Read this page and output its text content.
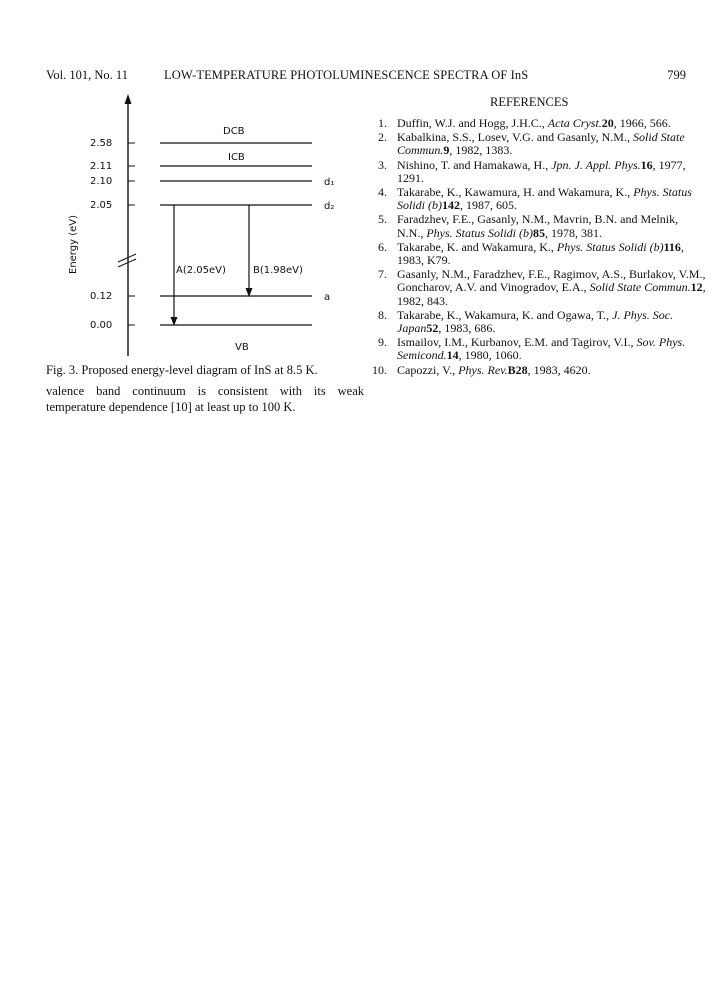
Vol. 101, No. 11	LOW-TEMPERATURE PHOTOLUMINESCENCE SPECTRA OF InS	799
2.58
2.11
2.10
2.05
0.12
0.00
Energy (eV)
DCB
ICB
d₁
d₂
a
VB
A(2.05eV)	B(1.98eV)
Fig. 3. Proposed energy-level diagram of InS at 8.5 K.
valence band continuum is consistent with its weak
temperature dependence [10] at least up to 100 K.
REFERENCES
1. Duffin, W.J. and Hogg, J.H.C., Acta Cryst.20, 1966, 566.
2. Kabalkina, S.S., Losev, V.G. and Gasanly, N.M., Solid State Commun.9, 1982, 1383.
3. Nishino, T. and Hamakawa, H., Jpn. J. Appl. Phys.16, 1977, 1291.
4. Takarabe, K., Kawamura, H. and Wakamura, K., Phys. Status Solidi (b)142, 1987, 605.
5. Faradzhev, F.E., Gasanly, N.M., Mavrin, B.N. and Melnik, N.N., Phys. Status Solidi (b)85, 1978, 381.
6. Takarabe, K. and Wakamura, K., Phys. Status Solidi (b)116, 1983, K79.
7. Gasanly, N.M., Faradzhev, F.E., Ragimov, A.S., Burlakov, V.M., Goncharov, A.V. and Vinogradov, E.A., Solid State Commun.12, 1982, 843.
8. Takarabe, K., Wakamura, K. and Ogawa, T., J. Phys. Soc. Japan52, 1983, 686.
9. Ismailov, I.M., Kurbanov, E.M. and Tagirov, V.I., Sov. Phys. Semicond.14, 1980, 1060.
10. Capozzi, V., Phys. Rev.B28, 1983, 4620.
